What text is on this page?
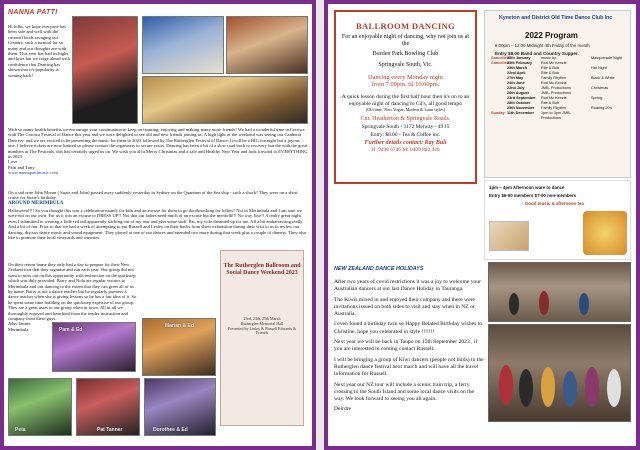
NANNA PATTI
Hi folks, we hope everyone has been safe and well with the current floods ravaging our Country, such a turmoil for so many and our thoughts are with them. This year has had its highs and lows but we forge ahead with confidence that Dancing has shown that it's popularity is coming back!
With so many health benefits we encourage your continuation to keep on learning, enjoying and making many more friends! We had a wonderful time in Corowa with The Corowa Festival of Dance this year and we were delighted to see old and new friends joining us. A high light of the weekend was seeing our Canberra Dancers- and we are excited to be presenting the music for them in 2023 followed by The Rutherglen Festival of Dance. It will be a BIG fortnight but a joyous one. I believe tickets are now limited so please contact the organisers to secure yours. Dancing has been a bit of a slow road back to recovery but the with the great numbers at The Festivals, this has certainly urged us on. We wish you all a Merry Christmas and a safe and Healthy New Year and look forward to EVERYTHING in 2023
Love
Patti and Tony
www.nannapattimusic.com
On a sad note John Moran ( Suzie and John) passed away suddenly yesterday in Sydney on the Quantum of the Sea ship - such a shock! They were on a short cruise for Suzie's birthday.
AROUND MERIMBULA
Halloween!!!! So you thought this was a celebration mainly for kids and an excuse for them to go doorknocking for lollies? Not in Merimbula and I am sure we were not on our own. For us it was an excuse to DRESS UP!! Not that our ladies need much of an excuse but the menfolk!!! No way Jose!! A really great night, even I submitted to wearing a little red tail apparently sticking out of my rear and plus some stuff. Pat, my wife dreamed up for me. All a bit embarrassing really. And a lot of fun. Prior to that we had a week of attempting to put Russell and Lesley on their backs from sheer exhaustion during their visit to us to review our dancing, discuss dance music and sound equipment. They played at one of our dances and attended two more during that week plus a couple of dinners. They also like to promote their local vineyards and wineries.
On their return home they only had a day to prepare for their New Zealand tour that they organise and run each year. Our group did not want to miss out on this opportunity with instruction on the quickstep which was duly provided. Barry and Nola are regular visitors to Merimbula and our dancing to the extent that they can greet all of us by name. Barry is not a dance teacher but he regularly partners a dance teacher when she is giving lessons so he has a fair idea of it. So he spent some time building on the quickstep expertise of our group. They are a great asset to our group when in town. All in all we thoroughly enjoyed and benefited from the tender instruction and company from these guys.
John Tanner
Merimbula
Marian & Ed
Pam & Ed
Peta	Pat Tanner	Dorothee & Ed
The Rutherglen Ballroom and Social Dance Weekend 2023
23rd, 24th, 25th March
Rutherglen Memorial Hall
Presented by Lesley & Russell Edwards & Friends
BALLROOM DANCING
For an enjoyable night of dancing, why not join us at the
Burden Park Bowling Club
Springvale South, Vic.
Dancing every Monday night
from 7.00pm. til 10.00pm.
A quick lesson during the first half hour then it's on to an enjoyable night of dancing to Cd's, all good tempo
(Old time, New Vogue, Modern & Latin styles)
Cnr. Heatherton & Springvale Roads.
Springvale South - 3172 Melway - 49 J5
Entry: $8.00 - Tea & Coffee inc.
Further details contact: Ray Bult
H: 9498 6746 M: 0400 882 436
Kyneton and District Old Time Dance Club Inc
2022 Program
8:00pm – 12:00 Midnight 4th Friday of the month
Entry $8.00 Band and Country Supper.
Cancelled
28th January	music by	Masquerade Night
Cancelled
25th February	Rod Mc Kenzie
25th March	Rite & Bob	Hat Night
22nd April	Rite & Bob
27th May	Family Rhythm	Black & White
24th June	Rod Mc Kenzie
22nd July	JMB- Productions	Christmas
26th August	JMB- Productions
23rd September	Rod Mc Kenzie	Spring
28th October	Rite & Bob
25th November	Family Rhythm	Roaring 20's
Sunday 11th December	1pm to 3pm JMB- Productions
1pm – 4pm Afternoon ware to dance
Entry $6-00 members $7-00 non-members
Good music & afternoon tea
NEW ZEALAND DANCE HOLIDAYS

After two years of covid restrictions it was a joy to welcome your Australian dancers at our last Dance Holiday in Tauranga.

The Kiwis mixed in and enjoyed their company and there were invitations issued on both sides to visit and stay when in NZ or Australia.

I even found a birthday twin so Happy Belated Birthday wishes to Christine, hope you celebrated in style !!!!!!!

Next year we will be back in Taupo on 15th September 2023 , if you are interested in coming contact Russell.

I will be bringing a group of Kiwi dancers (people not birds) to the Rutherglen dance festival next march and will have all the travel information for Russell.

Next year our NZ tour will include a scenic train trip, a ferry crossing to the South Island and some local dance visits on the way. We look forward to seeing you all again.

Deirdre
